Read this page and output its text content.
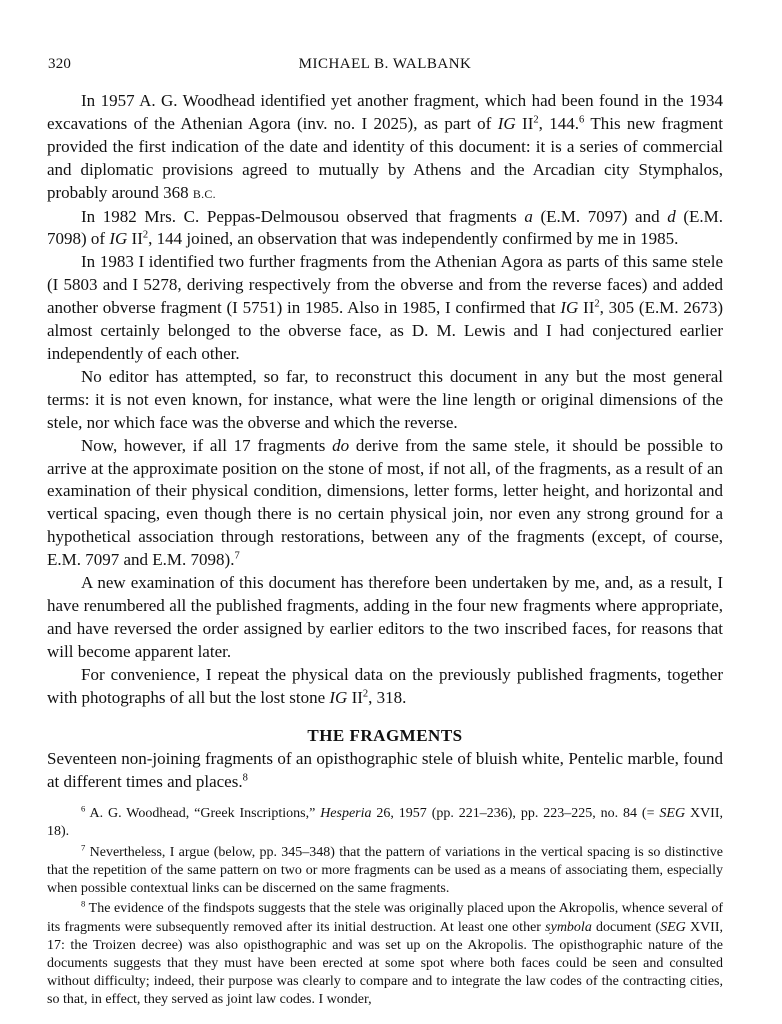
320	MICHAEL B. WALBANK

In 1957 A. G. Woodhead identified yet another fragment, which had been found in the 1934 excavations of the Athenian Agora (inv. no. I 2025), as part of IG $II^2$, 144.$^6$ This new fragment provided the first indication of the date and identity of this document: it is a series of commercial and diplomatic provisions agreed to mutually by Athens and the Arcadian city Stymphalos, probably around 368 B.C.

In 1982 Mrs. C. Peppas-Delmousou observed that fragments a (E.M. 7097) and d (E.M. 7098) of IG $II^2$, 144 joined, an observation that was independently confirmed by me in 1985.

In 1983 I identified two further fragments from the Athenian Agora as parts of this same stele (I 5803 and I 5278, deriving respectively from the obverse and from the reverse faces) and added another obverse fragment (I 5751) in 1985. Also in 1985, I confirmed that IG $II^2$, 305 (E.M. 2673) almost certainly belonged to the obverse face, as D. M. Lewis and I had conjectured earlier independently of each other.

No editor has attempted, so far, to reconstruct this document in any but the most general terms: it is not even known, for instance, what were the line length or original dimensions of the stele, nor which face was the obverse and which the reverse.

Now, however, if all 17 fragments do derive from the same stele, it should be possible to arrive at the approximate position on the stone of most, if not all, of the fragments, as a result of an examination of their physical condition, dimensions, letter forms, letter height, and horizontal and vertical spacing, even though there is no certain physical join, nor even any strong ground for a hypothetical association through restorations, between any of the fragments (except, of course, E.M. 7097 and E.M. 7098).$^7$

A new examination of this document has therefore been undertaken by me, and, as a result, I have renumbered all the published fragments, adding in the four new fragments where appropriate, and have reversed the order assigned by earlier editors to the two inscribed faces, for reasons that will become apparent later.

For convenience, I repeat the physical data on the previously published fragments, together with photographs of all but the lost stone IG $II^2$, 318.

THE FRAGMENTS

Seventeen non-joining fragments of an opisthographic stele of bluish white, Pentelic marble, found at different times and places.$^8$

$^6$ A. G. Woodhead, “Greek Inscriptions,” Hesperia 26, 1957 (pp. 221–236), pp. 223–225, no. 84 (= SEG XVII, 18).

$^7$ Nevertheless, I argue (below, pp. 345–348) that the pattern of variations in the vertical spacing is so distinctive that the repetition of the same pattern on two or more fragments can be used as a means of associating them, especially when possible contextual links can be discerned on the same fragments.

$^8$ The evidence of the findspots suggests that the stele was originally placed upon the Akropolis, whence several of its fragments were subsequently removed after its initial destruction. At least one other symbola document (SEG XVII, 17: the Troizen decree) was also opisthographic and was set up on the Akropolis. The opisthographic nature of the documents suggests that they must have been erected at some spot where both faces could be seen and consulted without difficulty; indeed, their purpose was clearly to compare and to integrate the law codes of the contracting cities, so that, in effect, they served as joint law codes. I wonder,
